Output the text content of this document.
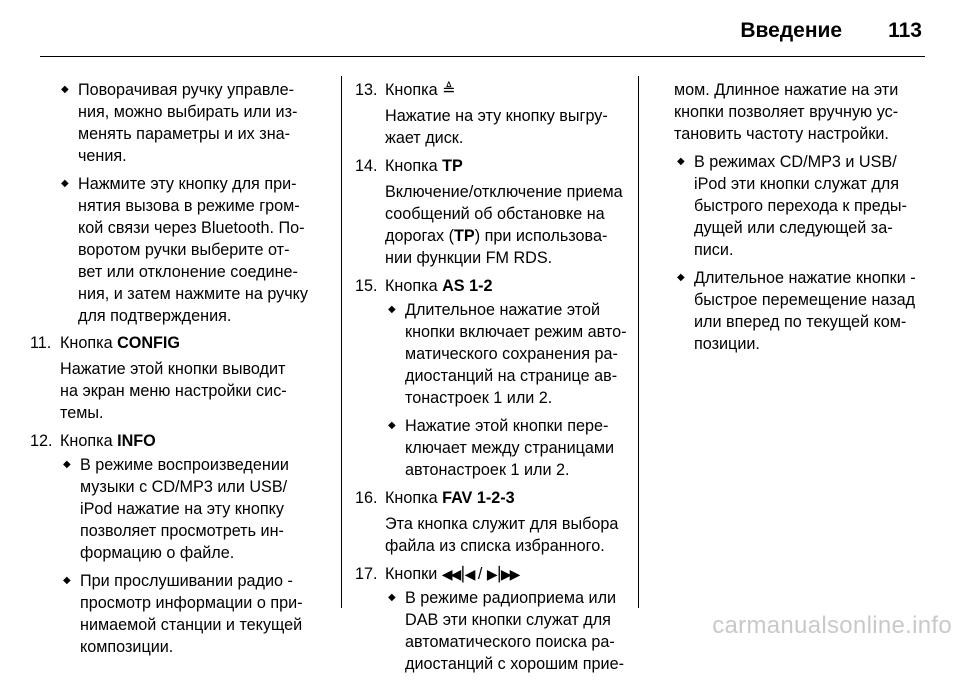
Введение 113

◆ Поворачивая ручку управле-

ния, можно выбирать или из-

менять параметры и их зна-

чения.

◆ Нажмите эту кнопку для при-

нятия вызова в режиме гром-

кой связи через Bluetooth. По-

воротом ручки выберите от-

вет или отклонение соедине-

ния, и затем нажмите на ручку

для подтверждения.

11. Кнопка CONFIG

Нажатие этой кнопки выводит

на экран меню настройки сис-

темы.

12. Кнопка INFO

◆ В режиме воспроизведении

музыки с CD/MP3 или USB/

iPod нажатие на эту кнопку

позволяет просмотреть ин-

формацию о файле.

◆ При прослушивании радио -

просмотр информации о при-

нимаемой станции и текущей

композиции.

13. Кнопка ≜

Нажатие на эту кнопку выгру-

жает диск.

14. Кнопка TP

Включение/отключение приема

сообщений об обстановке на

дорогах (TP) при использова-

нии функции FM RDS.

15. Кнопка AS 1-2

◆ Длительное нажатие этой

кнопки включает режим авто-

матического сохранения ра-

диостанций на странице ав-

тонастроек 1 или 2.

◆ Нажатие этой кнопки пере-

ключает между страницами

автонастроек 1 или 2.

16. Кнопка FAV 1-2-3

Эта кнопка служит для выбора

файла из списка избранного.

17. Кнопки ◀◀⎮◀ / ▶⎮▶▶

◆ В режиме радиоприема или

DAB эти кнопки служат для

автоматического поиска ра-

диостанций с хорошим прие-

мом. Длинное нажатие на эти

кнопки позволяет вручную ус-

тановить частоту настройки.

◆ В режимах CD/MP3 и USB/

iPod эти кнопки служат для

быстрого перехода к преды-

дущей или следующей за-

писи.

◆ Длительное нажатие кнопки -

быстрое перемещение назад

или вперед по текущей ком-

позиции.

carmanualsonline.info
